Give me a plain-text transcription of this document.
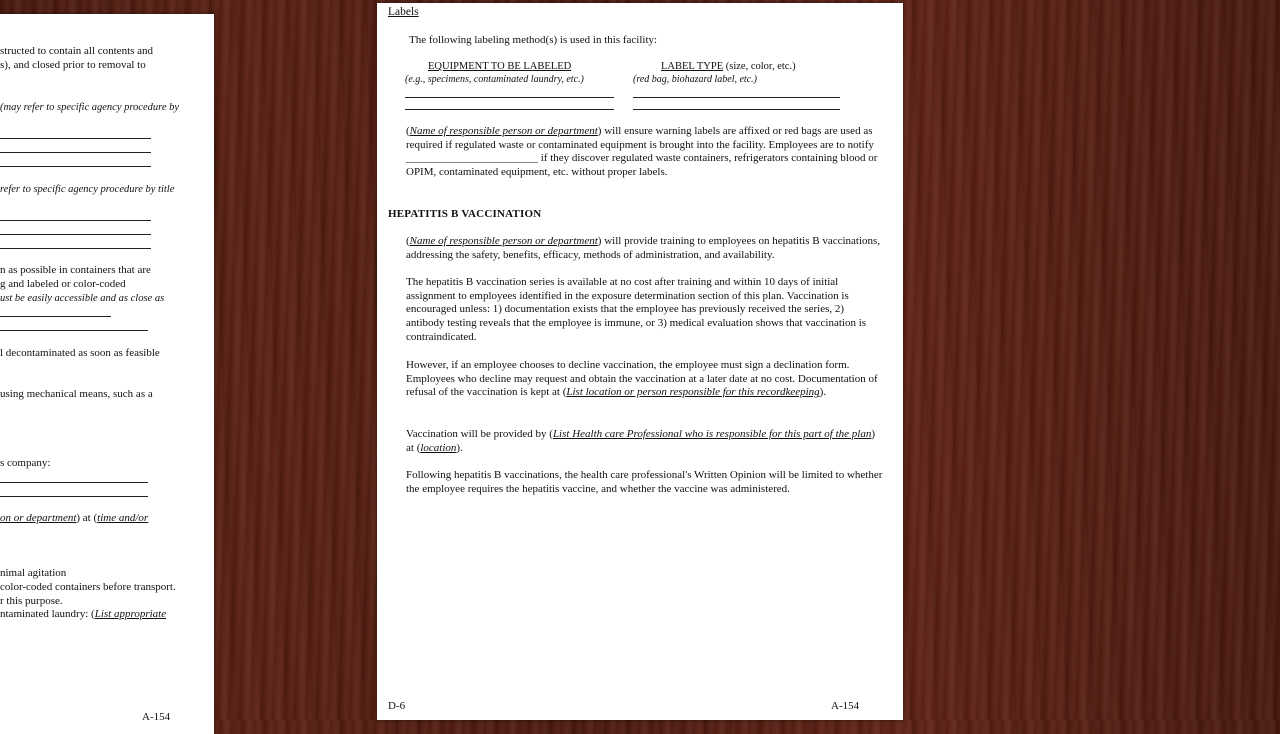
structed to contain all contents and
s), and closed prior to removal to
(may refer to specific agency procedure by
refer to specific agency procedure by title
n as possible in containers that are
g and labeled or color-coded
ust be easily accessible and as close as
l decontaminated as soon as feasible
using mechanical means, such as a
s company:
on or department) at (time and/or
nimal agitation
color-coded containers before transport.
r this purpose.
ntaminated laundry: (List appropriate
A-154
Labels
The following labeling method(s) is used in this facility:
EQUIPMENT TO BE LABELED
(e.g., specimens, contaminated laundry, etc.)
LABEL TYPE (size, color, etc.)
(red bag, biohazard label, etc.)
(Name of responsible person or department) will ensure warning labels are affixed or red bags are used as required if regulated waste or contaminated equipment is brought into the facility. Employees are to notify ________________________ if they discover regulated waste containers, refrigerators containing blood or OPIM, contaminated equipment, etc. without proper labels.
HEPATITIS B VACCINATION
(Name of responsible person or department) will provide training to employees on hepatitis B vaccinations, addressing the safety, benefits, efficacy, methods of administration, and availability.
The hepatitis B vaccination series is available at no cost after training and within 10 days of initial assignment to employees identified in the exposure determination section of this plan. Vaccination is encouraged unless: 1) documentation exists that the employee has previously received the series, 2) antibody testing reveals that the employee is immune, or 3) medical evaluation shows that vaccination is contraindicated.
However, if an employee chooses to decline vaccination, the employee must sign a declination form. Employees who decline may request and obtain the vaccination at a later date at no cost. Documentation of refusal of the vaccination is kept at (List location or person responsible for this recordkeeping).
Vaccination will be provided by (List Health care Professional who is responsible for this part of the plan) at (location).
Following hepatitis B vaccinations, the health care professional's Written Opinion will be limited to whether the employee requires the hepatitis vaccine, and whether the vaccine was administered.
D-6	A-154
